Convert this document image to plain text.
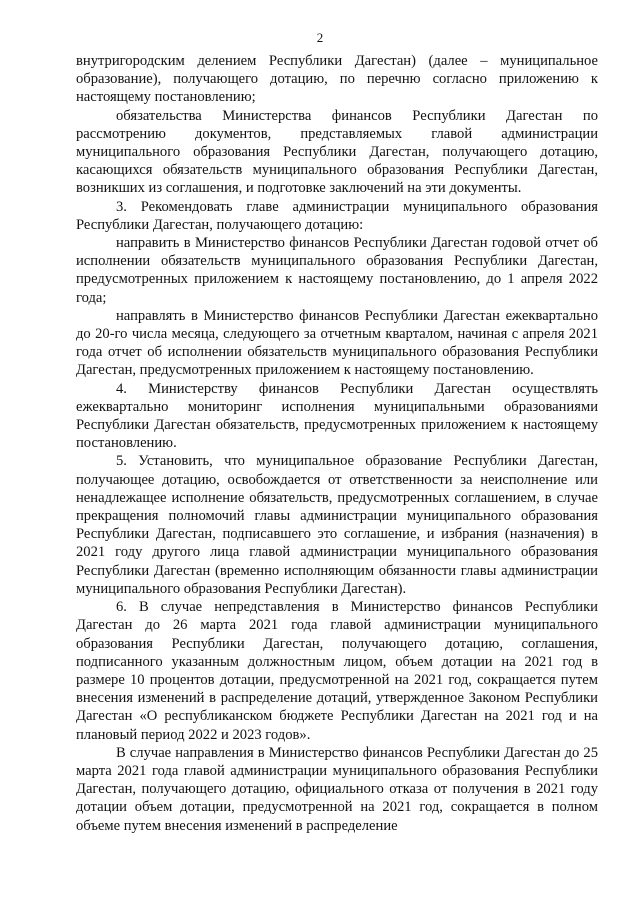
2

внутригородским делением Республики Дагестан) (далее – муниципальное образование), получающего дотацию, по перечню согласно приложению к настоящему постановлению;

обязательства Министерства финансов Республики Дагестан по рассмотрению документов, представляемых главой администрации муниципального образования Республики Дагестан, получающего дотацию, касающихся обязательств муниципального образования Республики Дагестан, возникших из соглашения, и подготовке заключений на эти документы.

3. Рекомендовать главе администрации муниципального образования Республики Дагестан, получающего дотацию:

направить в Министерство финансов Республики Дагестан годовой отчет об исполнении обязательств муниципального образования Республики Дагестан, предусмотренных приложением к настоящему постановлению, до 1 апреля 2022 года;

направлять в Министерство финансов Республики Дагестан ежеквартально до 20-го числа месяца, следующего за отчетным кварталом, начиная с апреля 2021 года отчет об исполнении обязательств муниципального образования Республики Дагестан, предусмотренных приложением к настоящему постановлению.

4. Министерству финансов Республики Дагестан осуществлять ежеквартально мониторинг исполнения муниципальными образованиями Республики Дагестан обязательств, предусмотренных приложением к настоящему постановлению.

5. Установить, что муниципальное образование Республики Дагестан, получающее дотацию, освобождается от ответственности за неисполнение или ненадлежащее исполнение обязательств, предусмотренных соглашением, в случае прекращения полномочий главы администрации муниципального образования Республики Дагестан, подписавшего это соглашение, и избрания (назначения) в 2021 году другого лица главой администрации муниципального образования Республики Дагестан (временно исполняющим обязанности главы администрации муниципального образования Республики Дагестан).

6. В случае непредставления в Министерство финансов Республики Дагестан до 26 марта 2021 года главой администрации муниципального образования Республики Дагестан, получающего дотацию, соглашения, подписанного указанным должностным лицом, объем дотации на 2021 год в размере 10 процентов дотации, предусмотренной на 2021 год, сокращается путем внесения изменений в распределение дотаций, утвержденное Законом Республики Дагестан «О республиканском бюджете Республики Дагестан на 2021 год и на плановый период 2022 и 2023 годов».

В случае направления в Министерство финансов Республики Дагестан до 25 марта 2021 года главой администрации муниципального образования Республики Дагестан, получающего дотацию, официального отказа от получения в 2021 году дотации объем дотации, предусмотренной на 2021 год, сокращается в полном объеме путем внесения изменений в распределение
